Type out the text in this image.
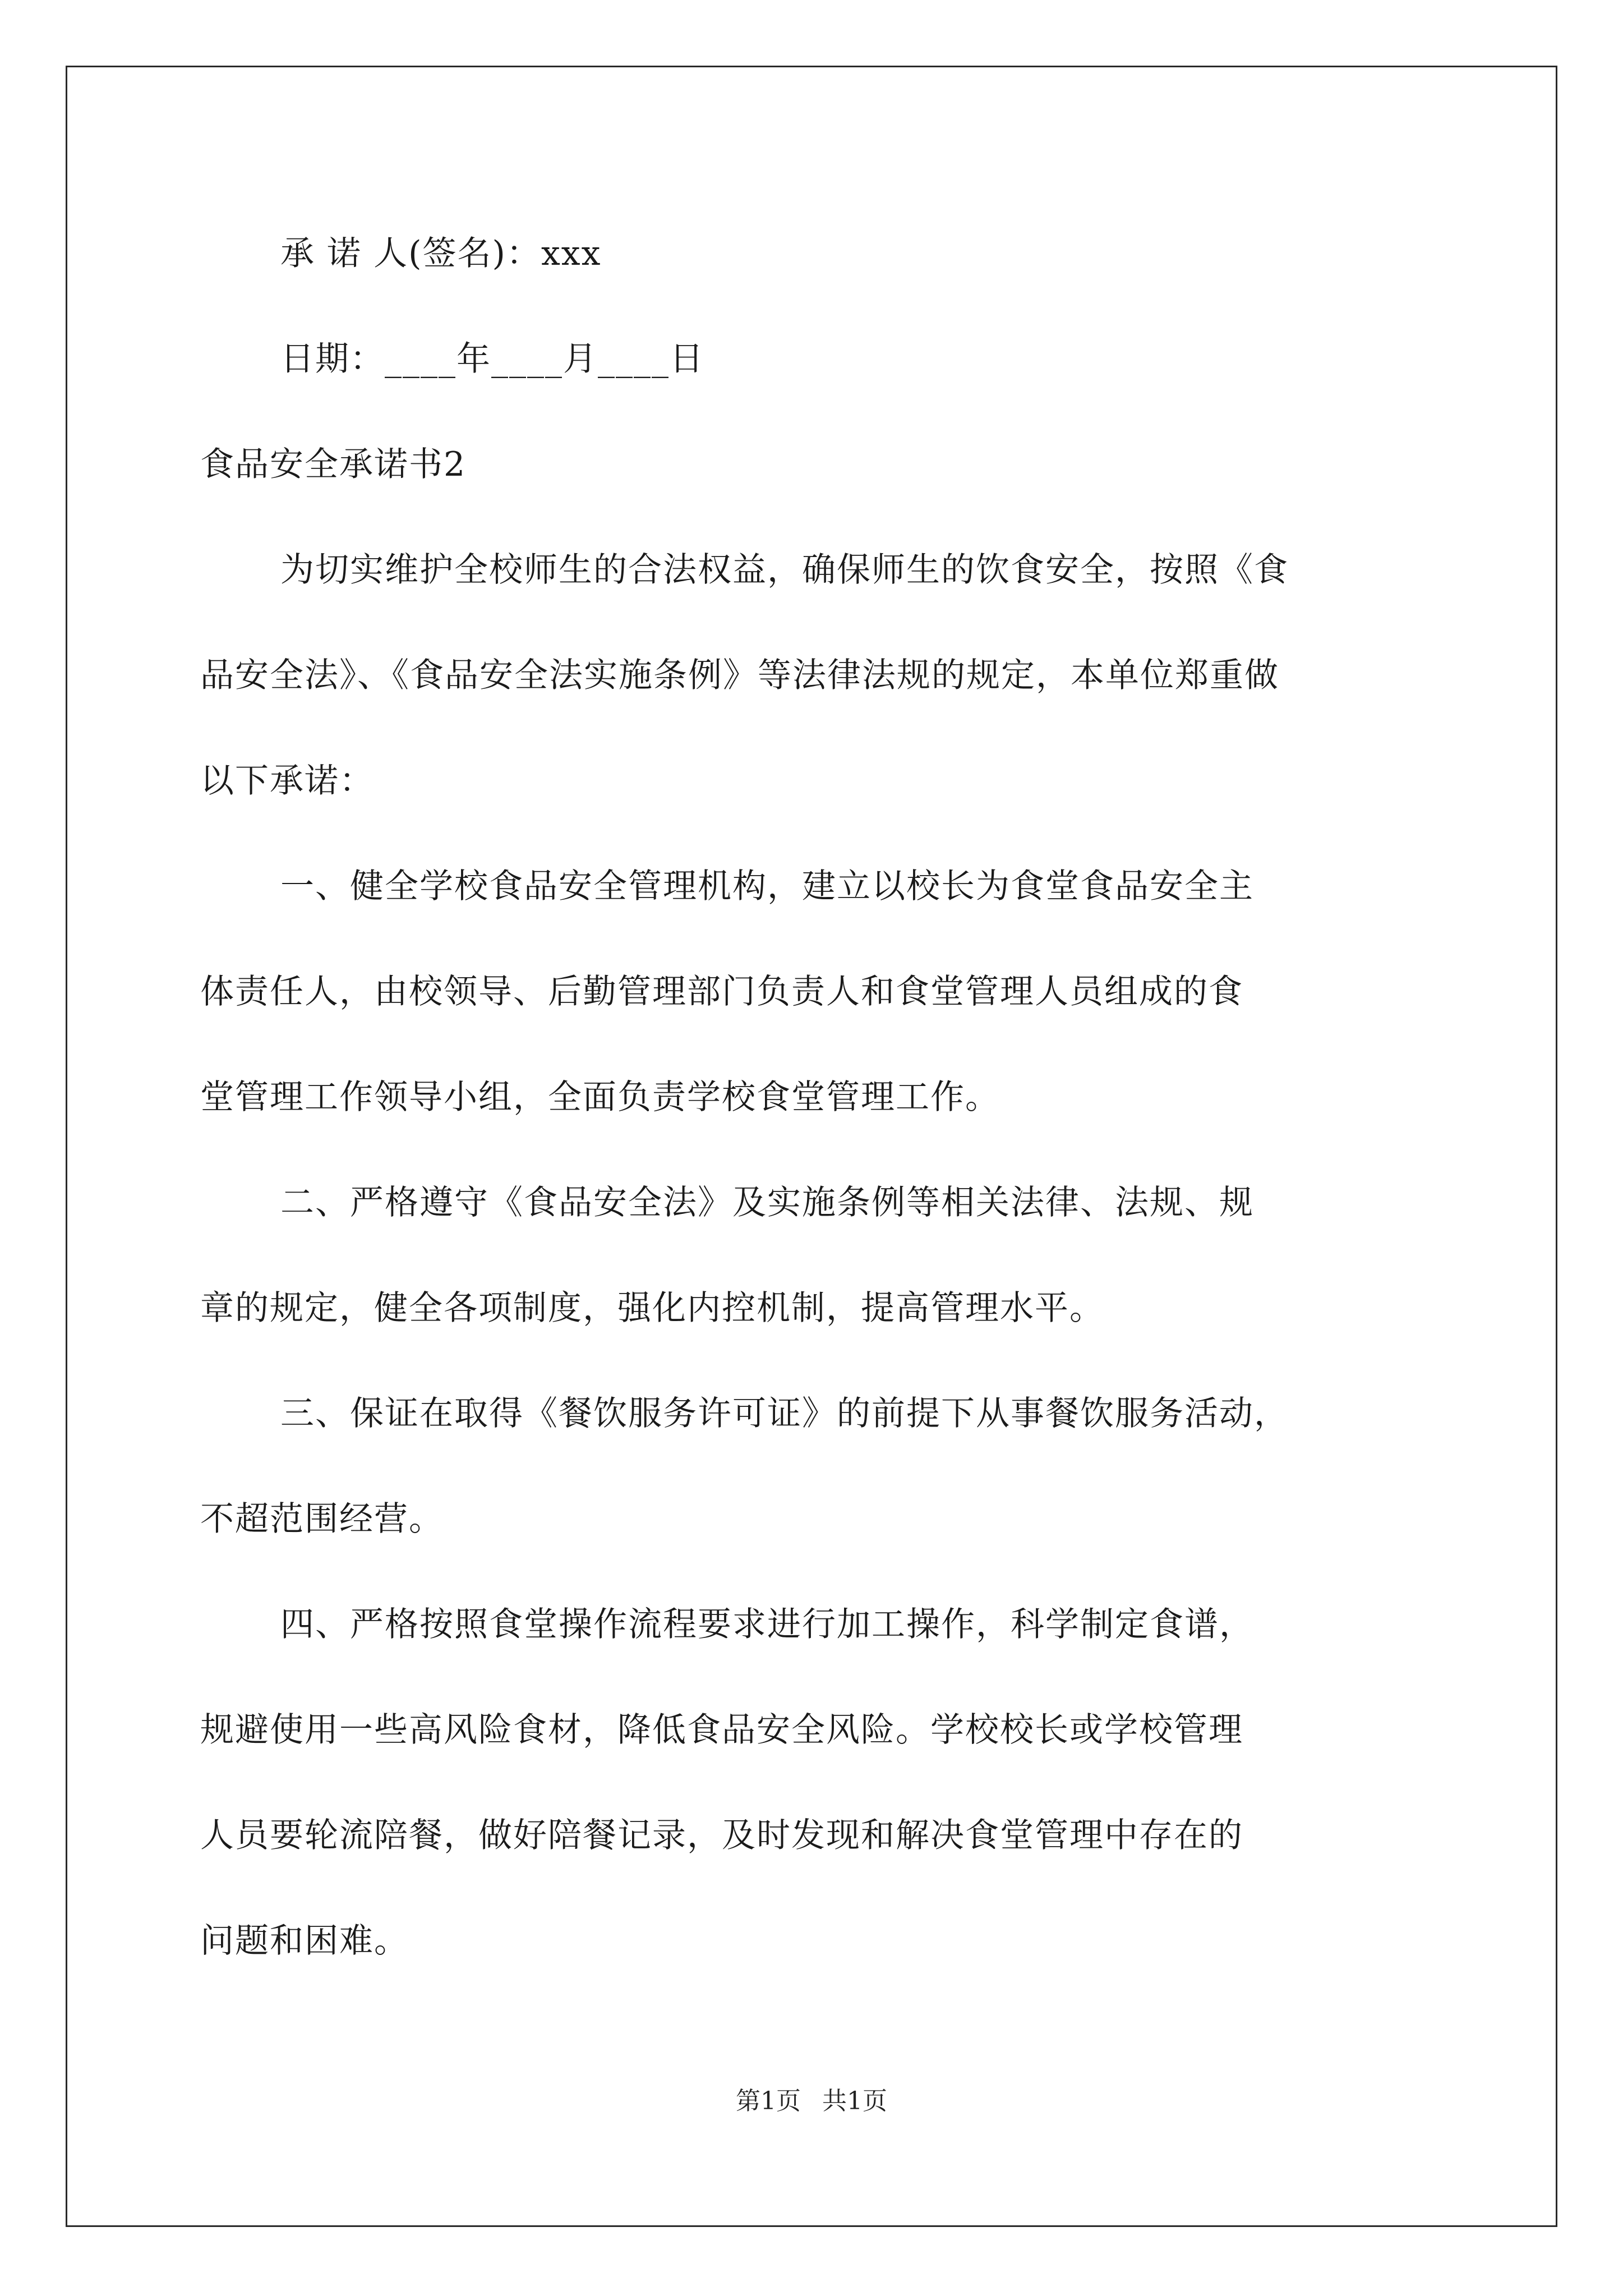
承 诺 人(签名)：xxx
日期：____年____月____日
食品安全承诺书2
为切实维护全校师生的合法权益，确保师生的饮食安全，按照《食
品安全法》、《食品安全法实施条例》等法律法规的规定，本单位郑重做
以下承诺：
一、健全学校食品安全管理机构，建立以校长为食堂食品安全主
体责任人，由校领导、后勤管理部门负责人和食堂管理人员组成的食
堂管理工作领导小组，全面负责学校食堂管理工作。
二、严格遵守《食品安全法》及实施条例等相关法律、法规、规
章的规定，健全各项制度，强化内控机制，提高管理水平。
三、保证在取得《餐饮服务许可证》的前提下从事餐饮服务活动，
不超范围经营。
四、严格按照食堂操作流程要求进行加工操作，科学制定食谱，
规避使用一些高风险食材，降低食品安全风险。学校校长或学校管理
人员要轮流陪餐，做好陪餐记录，及时发现和解决食堂管理中存在的
问题和困难。
第1页 共1页
